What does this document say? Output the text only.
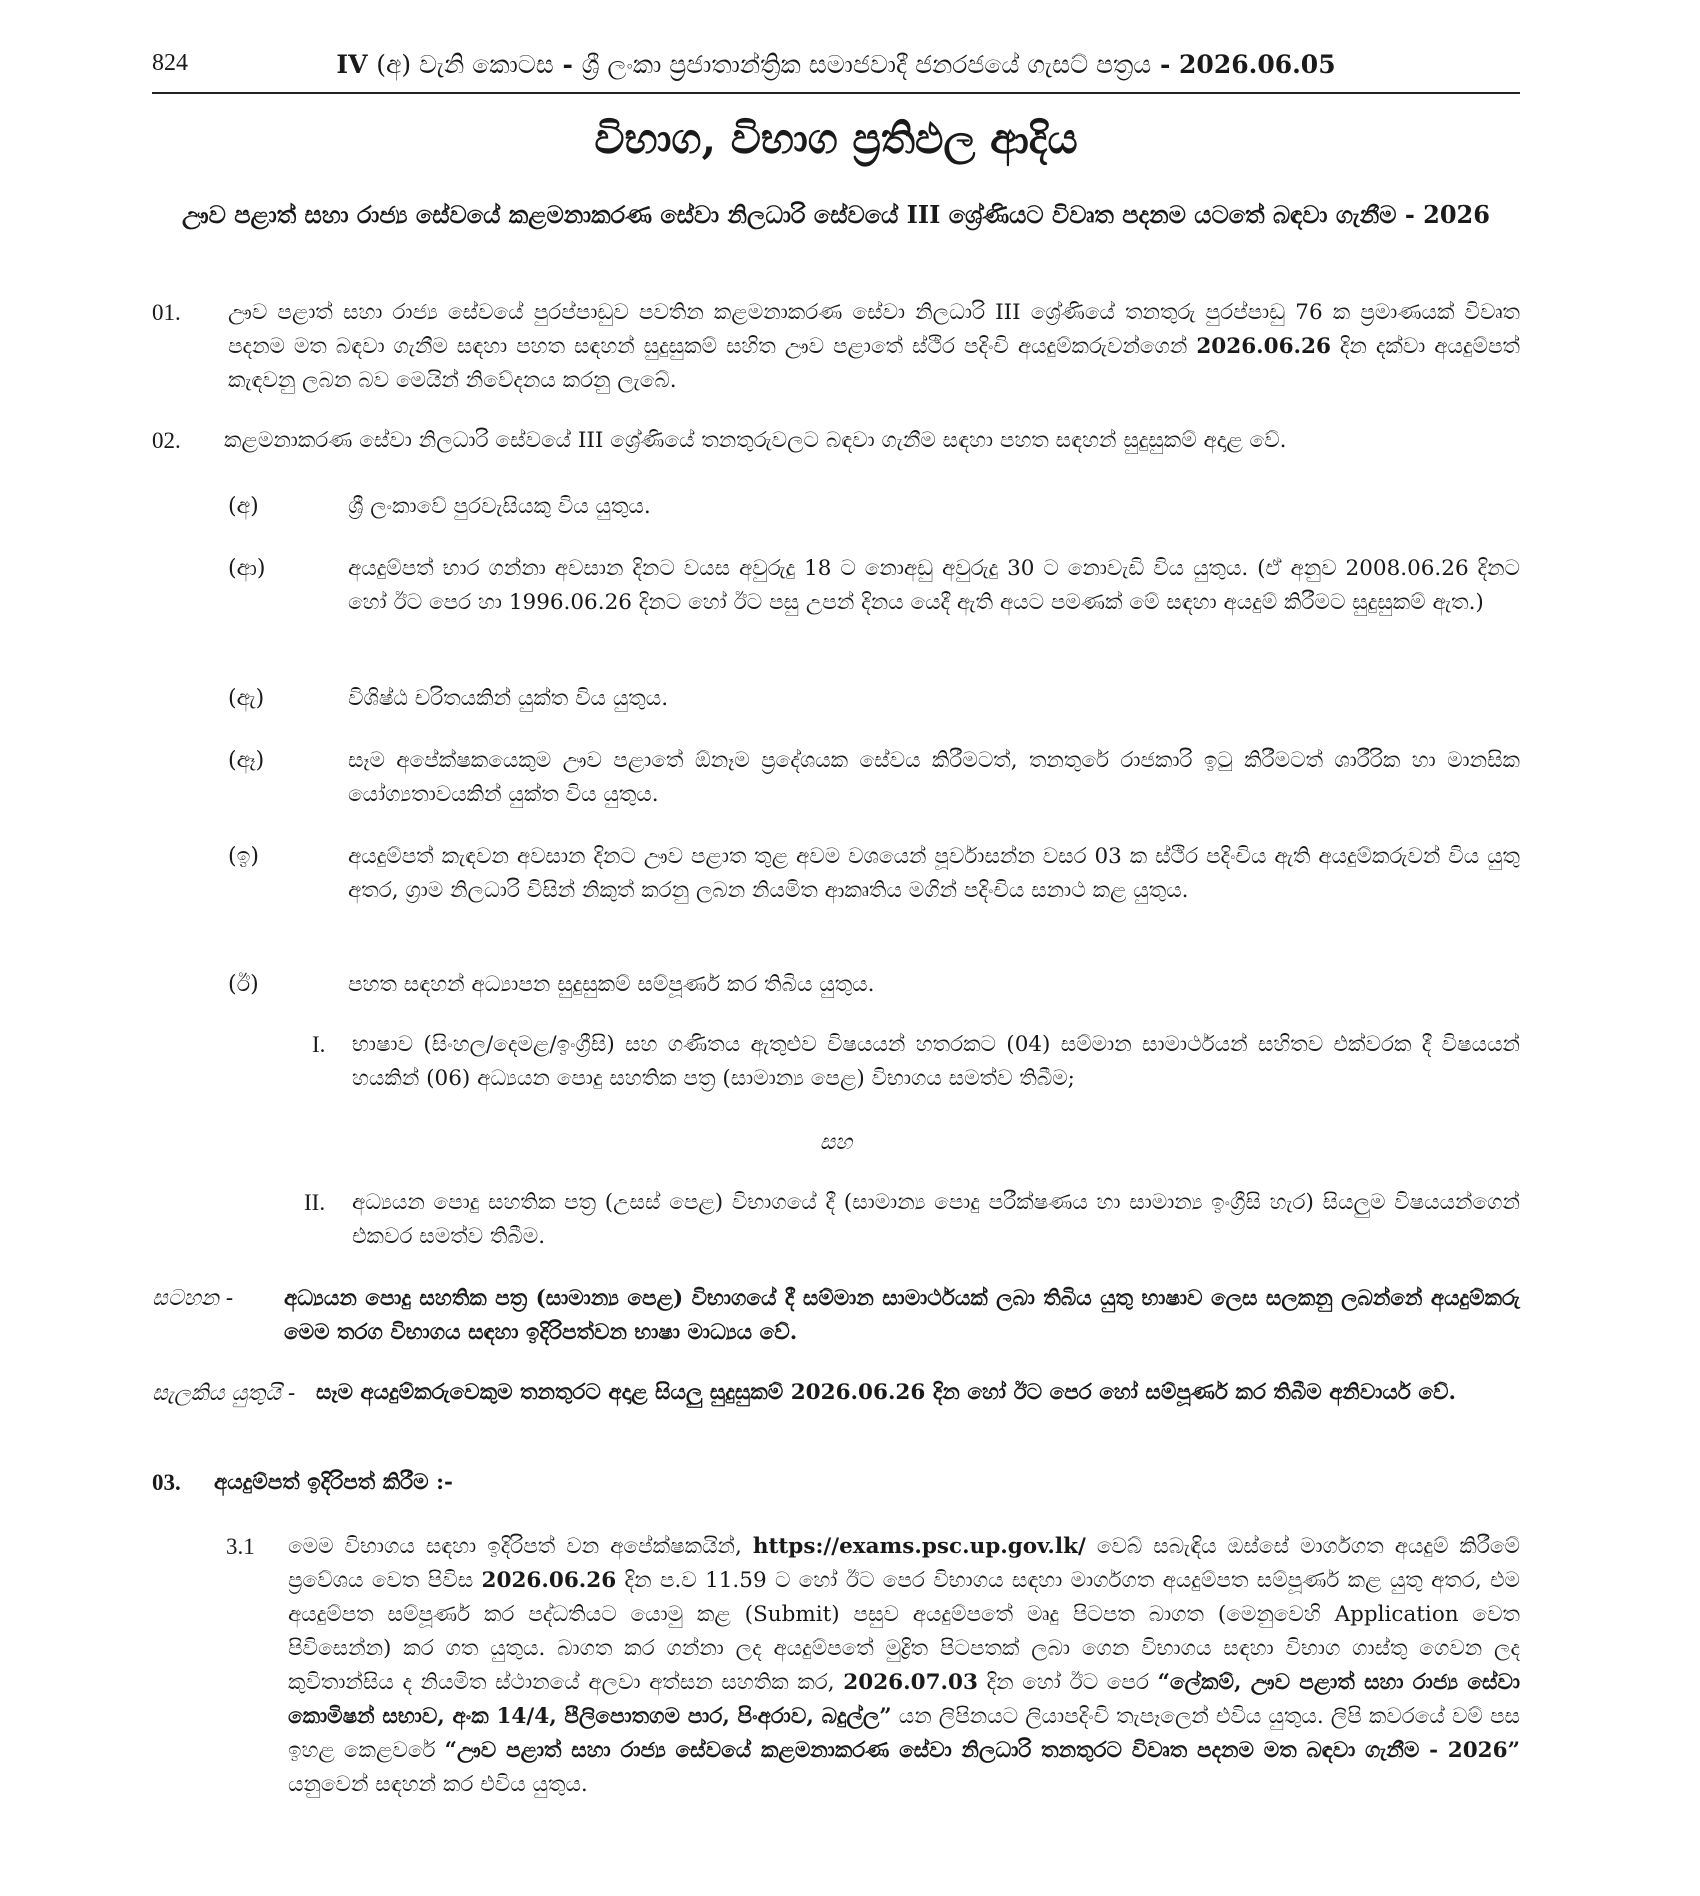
824	IV (අ) වැනි කොටස - ශ්‍රී ලංකා ප්‍රජාතාන්ත්‍රික සමාජවාදී ජනරජයේ ගැසට් පත්‍රය - 2026.06.05
විභාග, විභාග ප්‍රතිඵල ආදිය
ඌව පළාත් සහා රාජ්‍ය සේවයේ කළමනාකරණ සේවා නිලධාරි සේවයේ III ශ්‍රේණියට විවෘත පදනම යටතේ බඳවා ගැනීම - 2026
01. ඌව පළාත් සහා රාජ්‍ය සේවයේ පුරප්පාඩුව පවතින කළමනාකරණ සේවා නිලධාරි III ශ්‍රේණියේ තනතුරු පුරප්පාඩු 76 ක ප්‍රමාණයක් විවෘත පදනම මත බඳවා ගැනීම සඳහා පහත සඳහන් සුදුසුකම් සහිත ඌව පළාතේ ස්ථිර පදිංචි අයදුම්කරුවන්ගෙන් 2026.06.26 දින දක්වා අයදුම්පත් කැඳවනු ලබන බව මෙයින් නිවේදනය කරනු ලැබේ.
02. කළමනාකරණ සේවා නිලධාරි සේවයේ III ශ්‍රේණියේ තනතුරුවලට බඳවා ගැනීම සඳහා පහත සඳහන් සුදුසුකම් අදාළ වේ.
(අ)	ශ්‍රී ලංකාවේ පුරවැසියකු විය යුතුය.
(ආ)	අයදුම්පත් භාර ගන්නා අවසාන දිනට වයස අවුරුදු 18 ට නොඅඩු අවුරුදු 30 ට නොවැඩි විය යුතුය. (ඒ අනුව 2008.06.26 දිනට හෝ ඊට පෙර හා 1996.06.26 දිනට හෝ ඊට පසු උපන් දිනය යෙදී ඇති අයට පමණක් මේ සඳහා අයදුම් කිරීමට සුදුසුකම් ඇත.)
(ඇ)	විශිෂ්ඨ චරිතයකින් යුක්ත විය යුතුය.
(ඈ)	සෑම අපේක්ෂකයෙකුම ඌව පළාතේ ඕනෑම ප්‍රදේශයක සේවය කිරීමටත්, තනතුරේ රාජකාරි ඉටු කිරීමටත් ශාරීරික හා මානසික යෝග්‍යතාවයකින් යුක්ත විය යුතුය.
(ඉ)	අයදුම්පත් කැඳවන අවසාන දිනට ඌව පළාත තුළ අවම වශයෙන් පූර්වාසන්න වසර 03 ක ස්ථිර පදිංචිය ඇති අයදුම්කරුවන් විය යුතු අතර, ග්‍රාම නිලධාරි විසින් නිකුත් කරනු ලබන නියමිත ආකෘතිය මගින් පදිංචිය සනාථ කළ යුතුය.
(ඊ)	පහත සඳහන් අධ්‍යාපන සුදුසුකම් සම්පූර්ණ කර තිබිය යුතුය.
I. භාෂාව (සිංහල/දෙමළ/ඉංග්‍රීසි) සහ ගණිතය ඇතුළුව විෂයයන් හතරකට (04) සම්මාන සාමාර්ථයන් සහිතව එක්වරක දී විෂයයන් හයකින් (06) අධ්‍යයන පොදු සහතික පත්‍ර (සාමාන්‍ය පෙළ) විභාගය සමත්ව තිබීම;
සහ
II. අධ්‍යයන පොදු සහතික පත්‍ර (උසස් පෙළ) විභාගයේ දී (සාමාන්‍ය පොදු පරීක්ෂණය හා සාමාන්‍ය ඉංග්‍රීසි හැර) සියලුම විෂයයන්ගෙන් එකවර සමත්ව තිබීම.
සටහන - අධ්‍යයන පොදු සහතික පත්‍ර (සාමාන්‍ය පෙළ) විභාගයේ දී සම්මාන සාමාර්ථයක් ලබා තිබිය යුතු භාෂාව ලෙස සලකනු ලබන්නේ අයදුම්කරු මෙම තරග විභාගය සඳහා ඉදිරිපත්වන භාෂා මාධ්‍යය වේ.
සැලකිය යුතුයි - සෑම අයදුම්කරුවෙකුම තනතුරට අදාළ සියලු සුදුසුකම් 2026.06.26 දින හෝ ඊට පෙර හෝ සම්පූර්ණ කර තිබීම අනිවාර්ය වේ.
03. අයදුම්පත් ඉදිරිපත් කිරීම :-
3.1 මෙම විභාගය සඳහා ඉදිරිපත් වන අපේක්ෂකයින්, https://exams.psc.up.gov.lk/ වෙබ් සබැඳිය ඔස්සේ මාර්ගගත අයදුම් කිරීමේ ප්‍රවේශය වෙත පිවිස 2026.06.26 දින ප.ව 11.59 ට හෝ ඊට පෙර විභාගය සඳහා මාර්ගගත අයදුම්පත සම්පූර්ණ කළ යුතු අතර, එම අයදුම්පත සම්පූර්ණ කර පද්ධතියට යොමු කළ (Submit) පසුව අයදුම්පතේ මෘදු පිටපත බාගත (මෙනුවෙහි Application වෙත පිවිසෙන්න) කර ගත යුතුය. බාගත කර ගන්නා ලද අයදුම්පතේ මුද්‍රිත පිටපතක් ලබා ගෙන විභාගය සඳහා විභාග ගාස්තු ගෙවන ලද කුවිතාන්සිය ද නියමිත ස්ථානයේ අලවා අත්සන සහතික කර, 2026.07.03 දින හෝ ඊට පෙර “ලේකම්, ඌව පළාත් සහා රාජ්‍ය සේවා කොමිෂන් සභාව, අංක 14/4, පීලිපොතගම පාර, පිංඅරාව, බදුල්ල” යන ලිපිනයට ලියාපදිංචි තැපෑලෙන් එවිය යුතුය. ලිපි කවරයේ වම් පස ඉහළ කෙළවරේ “ඌව පළාත් සහා රාජ්‍ය සේවයේ කළමනාකරණ සේවා නිලධාරි තනතුරට විවෘත පදනම මත බඳවා ගැනීම - 2026” යනුවෙන් සඳහන් කර එවිය යුතුය.
